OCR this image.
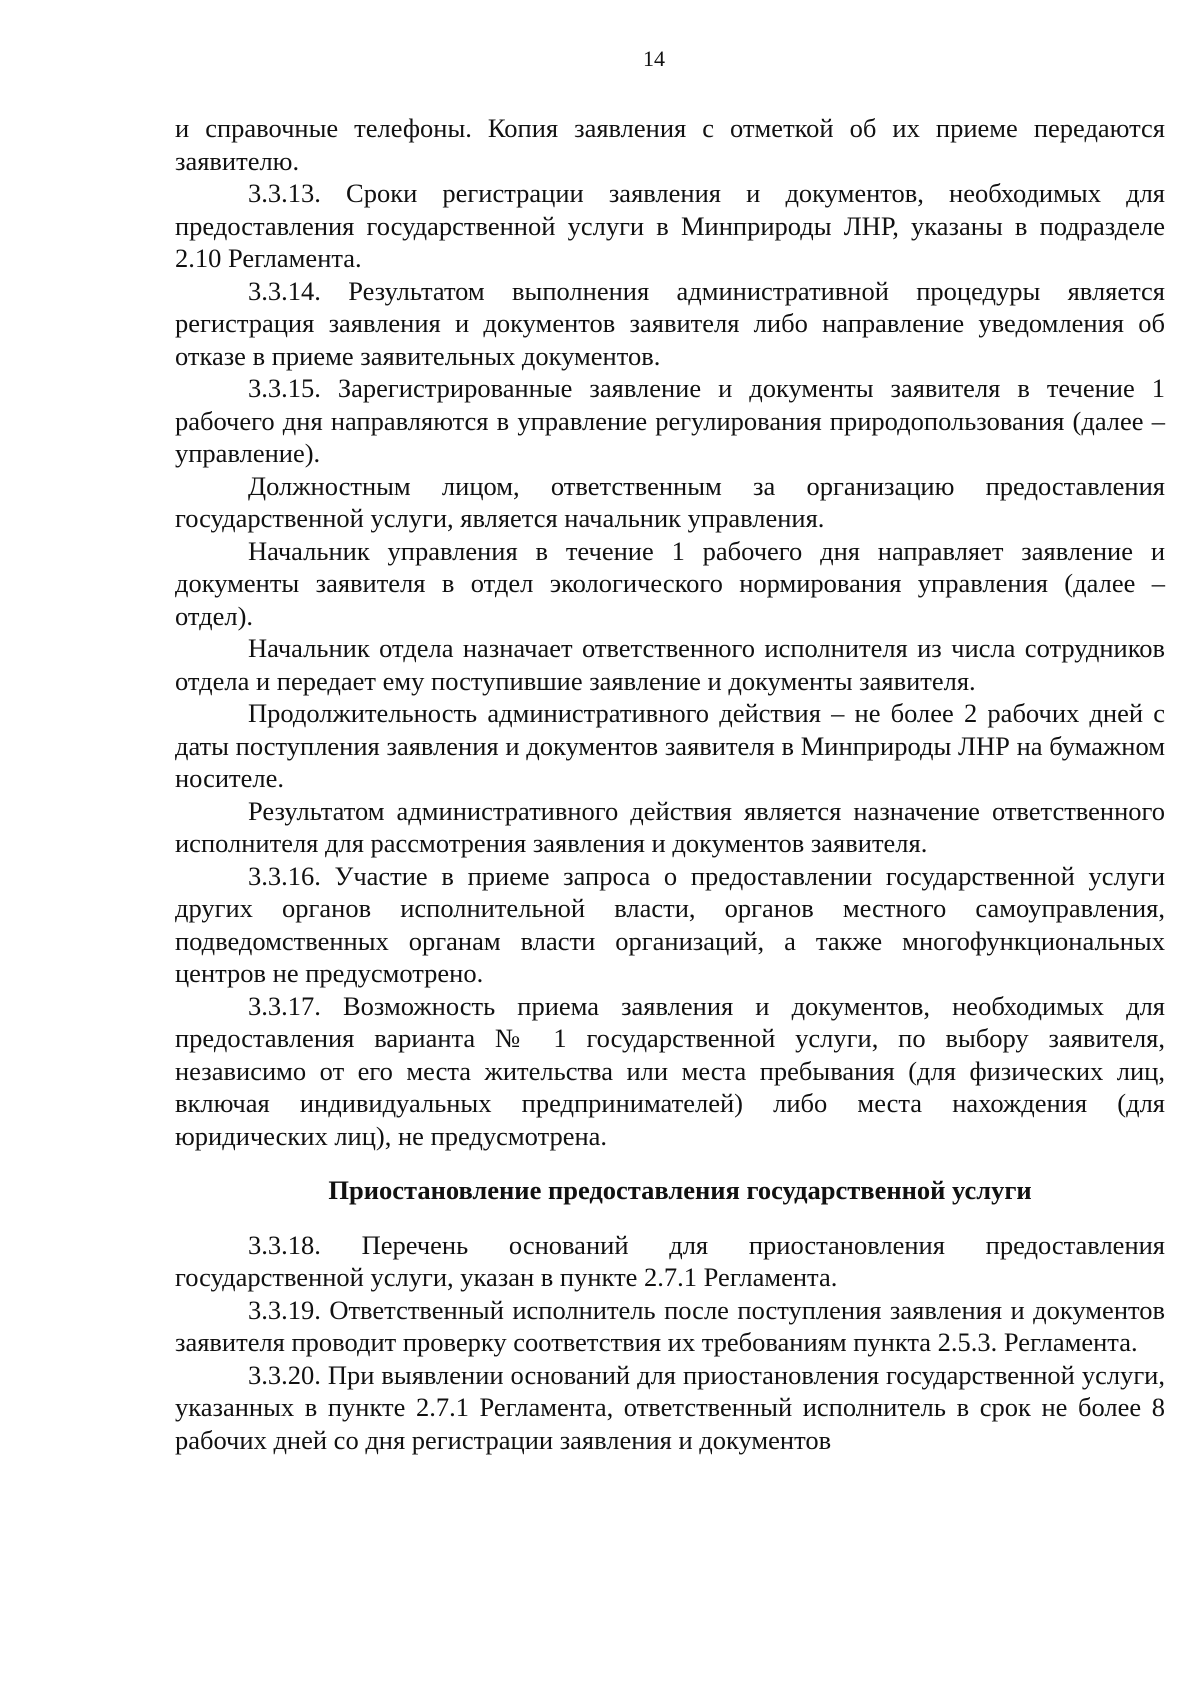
14

и справочные телефоны. Копия заявления с отметкой об их приеме передаются заявителю.

3.3.13. Сроки регистрации заявления и документов, необходимых для предоставления государственной услуги в Минприроды ЛНР, указаны в подразделе 2.10 Регламента.

3.3.14. Результатом выполнения административной процедуры является регистрация заявления и документов заявителя либо направление уведомления об отказе в приеме заявительных документов.

3.3.15. Зарегистрированные заявление и документы заявителя в течение 1 рабочего дня направляются в управление регулирования природопользования (далее – управление).

Должностным лицом, ответственным за организацию предоставления государственной услуги, является начальник управления.

Начальник управления в течение 1 рабочего дня направляет заявление и документы заявителя в отдел экологического нормирования управления (далее – отдел).

Начальник отдела назначает ответственного исполнителя из числа сотрудников отдела и передает ему поступившие заявление и документы заявителя.

Продолжительность административного действия – не более 2 рабочих дней с даты поступления заявления и документов заявителя в Минприроды ЛНР на бумажном носителе.

Результатом административного действия является назначение ответственного исполнителя для рассмотрения заявления и документов заявителя.

3.3.16. Участие в приеме запроса о предоставлении государственной услуги других органов исполнительной власти, органов местного самоуправления, подведомственных органам власти организаций, а также многофункциональных центров не предусмотрено.

3.3.17. Возможность приема заявления и документов, необходимых для предоставления варианта № 1 государственной услуги, по выбору заявителя, независимо от его места жительства или места пребывания (для физических лиц, включая индивидуальных предпринимателей) либо места нахождения (для юридических лиц), не предусмотрена.

Приостановление предоставления государственной услуги

3.3.18. Перечень оснований для приостановления предоставления государственной услуги, указан в пункте 2.7.1 Регламента.

3.3.19. Ответственный исполнитель после поступления заявления и документов заявителя проводит проверку соответствия их требованиям пункта 2.5.3. Регламента.

3.3.20. При выявлении оснований для приостановления государственной услуги, указанных в пункте 2.7.1 Регламента, ответственный исполнитель в срок не более 8 рабочих дней со дня регистрации заявления и документов
